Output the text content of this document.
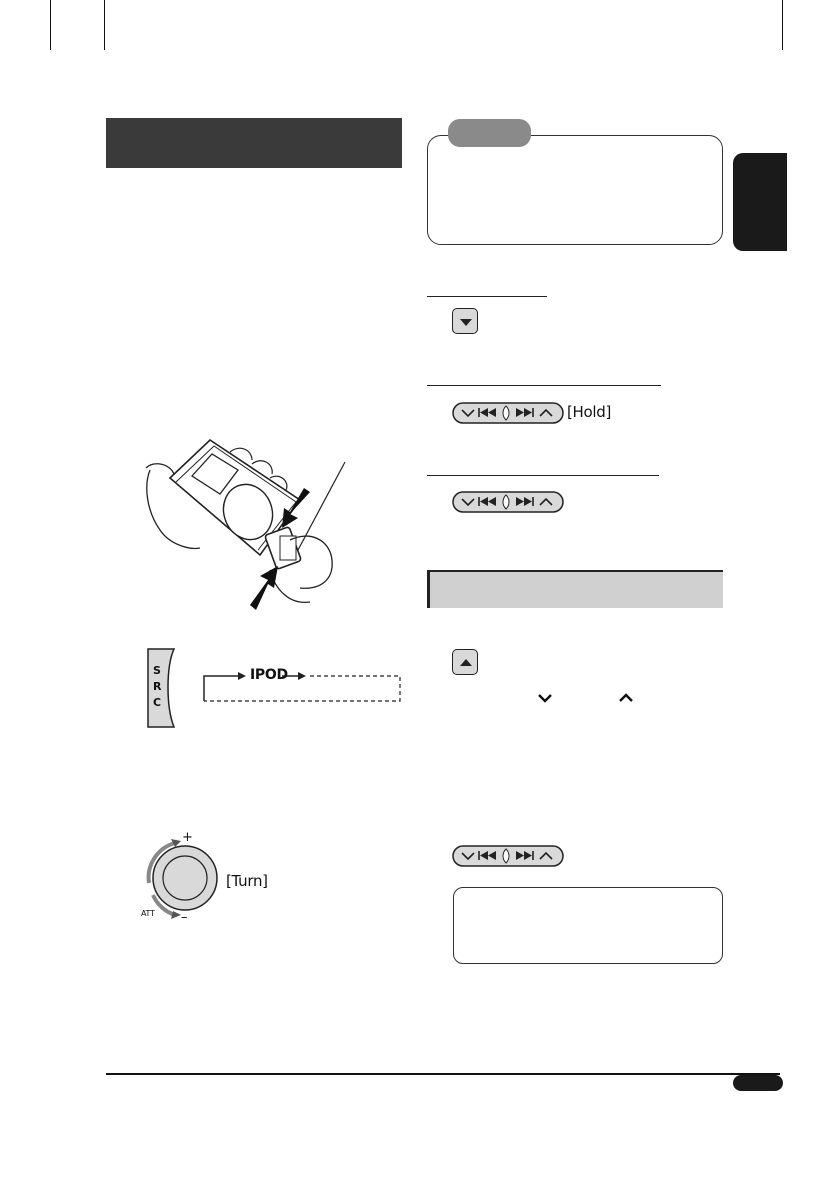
S
R
C
IPOD
+
–
ATT
[Turn]
[Hold]
